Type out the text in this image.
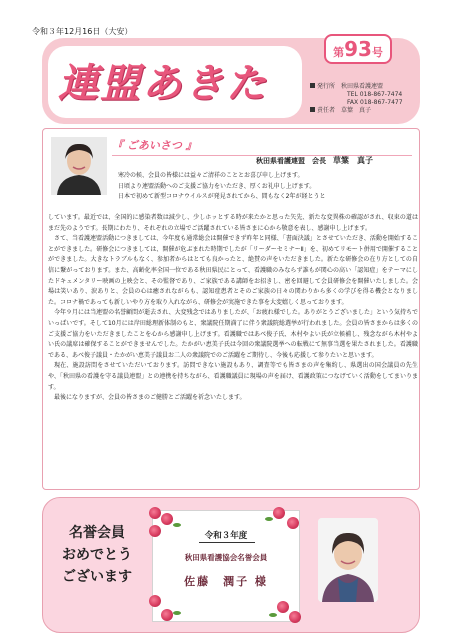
令和３年12月16日（大安）
連盟あきた
第93号
発行所　 秋田県看護連盟
TEL 018-867-7474
FAX 018-867-7477
責任者　 草䈎　真子
『 ごあいさつ 』
秋田県看護連盟　会長　 草䈎　真子

寒冷の候、会員の皆様には益々ご清祥のこととお喜び申し上げます。

日頃より連盟活動へのご支援ご協力をいただき、厚くお礼申し上げます。

日本で初めて新型コロナウイルスが発見されてから、間もなく2年が経とうと

しています。最近では、全国的に感染者数は減少し、少しホッとする時が来たかと思った矢先、新たな変異株の確認がされ、収束の道はまだ先のようです。長期にわたり、それぞれの立場でご活躍されている皆さまに心から敬意を表し、感謝申し上げます。

さて、当看護連盟活動につきましては、今年度も通常総会は開催できず昨年と同様、「書面決議」とさせていただき、活動を開始することができました。研修会につきましては、開催が危ぶまれた時期でしたが「リーダーセミナーⅡ」を、初めてリモート併用で開催することができました。大きなトラブルもなく、参加者からはとても良かったと、絶賛の声をいただきました。新たな研修会の在り方としての自信に繋がっております。また、高齢化率全国一位である秋田県民にとって、看護職のみならず誰もが関心の高い「認知症」をテーマにしたドキュメンタリー映画の上映会と、その監督であり、ご家族である講師をお招きし、密を回避して会員研修会を開催いたしました。会場は笑いあり、涙ありと、会員の心は癒されながらも、認知症患者とそのご家族の日々の関わりから多くの学びを得る機会となりました。コロナ禍であっても新しいやり方を取り入れながら、研修会が実施できた事を大変嬉しく思っております。

今年９月には当連盟の名誉顧問が逝去され、大変残念ではありましたが、「お疲れ様でした。ありがとうございました」という気持ちでいっぱいです。そして10月には岸田総理新体制のもと、衆議院任期満了に伴う衆議院総選挙が行われました。会員の皆さまからは多くのご支援ご協力をいただきましたことを心から感謝申し上げます。看護職ではあべ俊子氏、木村やよい氏が立候補し、残念ながら木村やよい氏の議席は確保することができませんでした。たかがい恵美子氏は今回の衆議院選挙への転戦にて無事当選を果たされました。看護職である、あべ俊子議員・たかがい恵美子議員お二人の衆議院でのご活躍をご期待し、今後も応援して参りたいと思います。

現在、施設訪問をさせていただいております。訪問できない施設もあり、調査等でも皆さまの声を集約し、県選出の国会議員の先生や、「秋田県の看護を守る議員連盟」との連携を持ちながら、看護職議員に現場の声を届け、看護政策につなげていく活動をしてまいります。

最後になりますが、会員の皆さまのご健勝とご活躍を祈念いたします。

名誉会員
おめでとう
ございます
令和３年度
秋田県看護協会名誉会員
佐藤　潤子 様
